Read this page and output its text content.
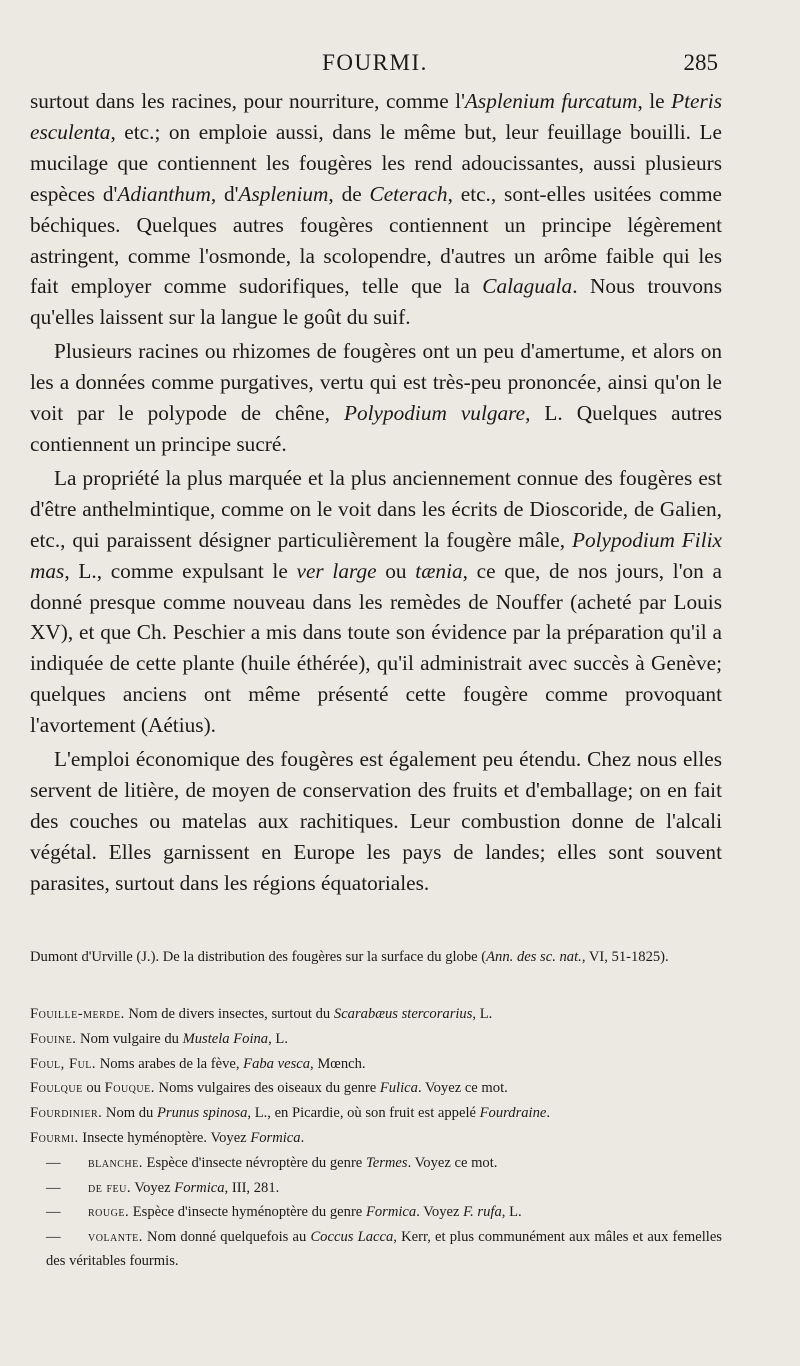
FOURMI.	285

surtout dans les racines, pour nourriture, comme l'Asplenium furcatum, le Pteris esculenta, etc.; on emploie aussi, dans le même but, leur feuillage bouilli. Le mucilage que contiennent les fougères les rend adoucissantes, aussi plusieurs espèces d'Adianthum, d'Asplenium, de Ceterach, etc., sont-elles usitées comme béchiques. Quelques autres fougères contiennent un principe légèrement astringent, comme l'osmonde, la scolopendre, d'autres un arôme faible qui les fait employer comme sudorifiques, telle que la Calaguala. Nous trouvons qu'elles laissent sur la langue le goût du suif.

Plusieurs racines ou rhizomes de fougères ont un peu d'amertume, et alors on les a données comme purgatives, vertu qui est très-peu prononcée, ainsi qu'on le voit par le polypode de chêne, Polypodium vulgare, L. Quelques autres contiennent un principe sucré.

La propriété la plus marquée et la plus anciennement connue des fougères est d'être anthelmintique, comme on le voit dans les écrits de Dioscoride, de Galien, etc., qui paraissent désigner particulièrement la fougère mâle, Polypodium Filix mas, L., comme expulsant le ver large ou tænia, ce que, de nos jours, l'on a donné presque comme nouveau dans les remèdes de Nouffer (acheté par Louis XV), et que Ch. Peschier a mis dans toute son évidence par la préparation qu'il a indiquée de cette plante (huile éthérée), qu'il administrait avec succès à Genève; quelques anciens ont même présenté cette fougère comme provoquant l'avortement (Aétius).

L'emploi économique des fougères est également peu étendu. Chez nous elles servent de litière, de moyen de conservation des fruits et d'emballage; on en fait des couches ou matelas aux rachitiques. Leur combustion donne de l'alcali végétal. Elles garnissent en Europe les pays de landes; elles sont souvent parasites, surtout dans les régions équatoriales.

Dumont d'Urville (J.). De la distribution des fougères sur la surface du globe (Ann. des sc. nat., VI, 51-1825).

Fouille-merde. Nom de divers insectes, surtout du Scarabæus stercorarius, L.

Fouine. Nom vulgaire du Mustela Foina, L.

Foul, Ful. Noms arabes de la fève, Faba vesca, Mœnch.

Foulque ou Fouque. Noms vulgaires des oiseaux du genre Fulica. Voyez ce mot.

Fourdinier. Nom du Prunus spinosa, L., en Picardie, où son fruit est appelé Fourdraine.

Fourmi. Insecte hyménoptère. Voyez Formica.

— blanche. Espèce d'insecte névroptère du genre Termes. Voyez ce mot.

— de feu. Voyez Formica, III, 281.

— rouge. Espèce d'insecte hyménoptère du genre Formica. Voyez F. rufa, L.

— volante. Nom donné quelquefois au Coccus Lacca, Kerr, et plus communément aux mâles et aux femelles des véritables fourmis.
